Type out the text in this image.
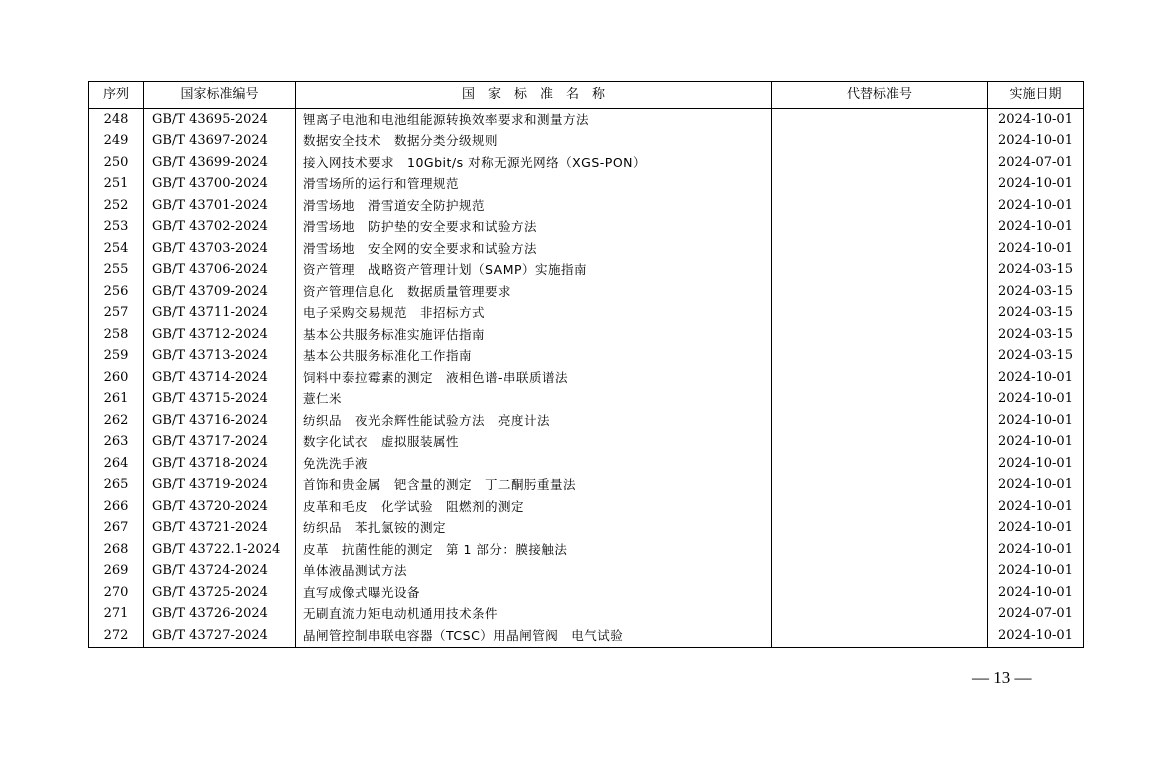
序列	国家标准编号	国　家　标　准　名　称	代替标准号	实施日期
248	GB/T 43695-2024	锂离子电池和电池组能源转换效率要求和测量方法		2024-10-01
249	GB/T 43697-2024	数据安全技术　数据分类分级规则		2024-10-01
250	GB/T 43699-2024	接入网技术要求　10Gbit/s 对称无源光网络（XGS-PON）		2024-07-01
251	GB/T 43700-2024	滑雪场所的运行和管理规范		2024-10-01
252	GB/T 43701-2024	滑雪场地　滑雪道安全防护规范		2024-10-01
253	GB/T 43702-2024	滑雪场地　防护垫的安全要求和试验方法		2024-10-01
254	GB/T 43703-2024	滑雪场地　安全网的安全要求和试验方法		2024-10-01
255	GB/T 43706-2024	资产管理　战略资产管理计划（SAMP）实施指南		2024-03-15
256	GB/T 43709-2024	资产管理信息化　数据质量管理要求		2024-03-15
257	GB/T 43711-2024	电子采购交易规范　非招标方式		2024-03-15
258	GB/T 43712-2024	基本公共服务标准实施评估指南		2024-03-15
259	GB/T 43713-2024	基本公共服务标准化工作指南		2024-03-15
260	GB/T 43714-2024	饲料中泰拉霉素的测定　液相色谱-串联质谱法		2024-10-01
261	GB/T 43715-2024	薏仁米		2024-10-01
262	GB/T 43716-2024	纺织品　夜光余辉性能试验方法　亮度计法		2024-10-01
263	GB/T 43717-2024	数字化试衣　虚拟服装属性		2024-10-01
264	GB/T 43718-2024	免洗洗手液		2024-10-01
265	GB/T 43719-2024	首饰和贵金属　钯含量的测定　丁二酮肟重量法		2024-10-01
266	GB/T 43720-2024	皮革和毛皮　化学试验　阻燃剂的测定		2024-10-01
267	GB/T 43721-2024	纺织品　苯扎氯铵的测定		2024-10-01
268	GB/T 43722.1-2024	皮革　抗菌性能的测定　第 1 部分：膜接触法		2024-10-01
269	GB/T 43724-2024	单体液晶测试方法		2024-10-01
270	GB/T 43725-2024	直写成像式曝光设备		2024-10-01
271	GB/T 43726-2024	无刷直流力矩电动机通用技术条件		2024-07-01
272	GB/T 43727-2024	晶闸管控制串联电容器（TCSC）用晶闸管阀　电气试验		2024-10-01
— 13 —
